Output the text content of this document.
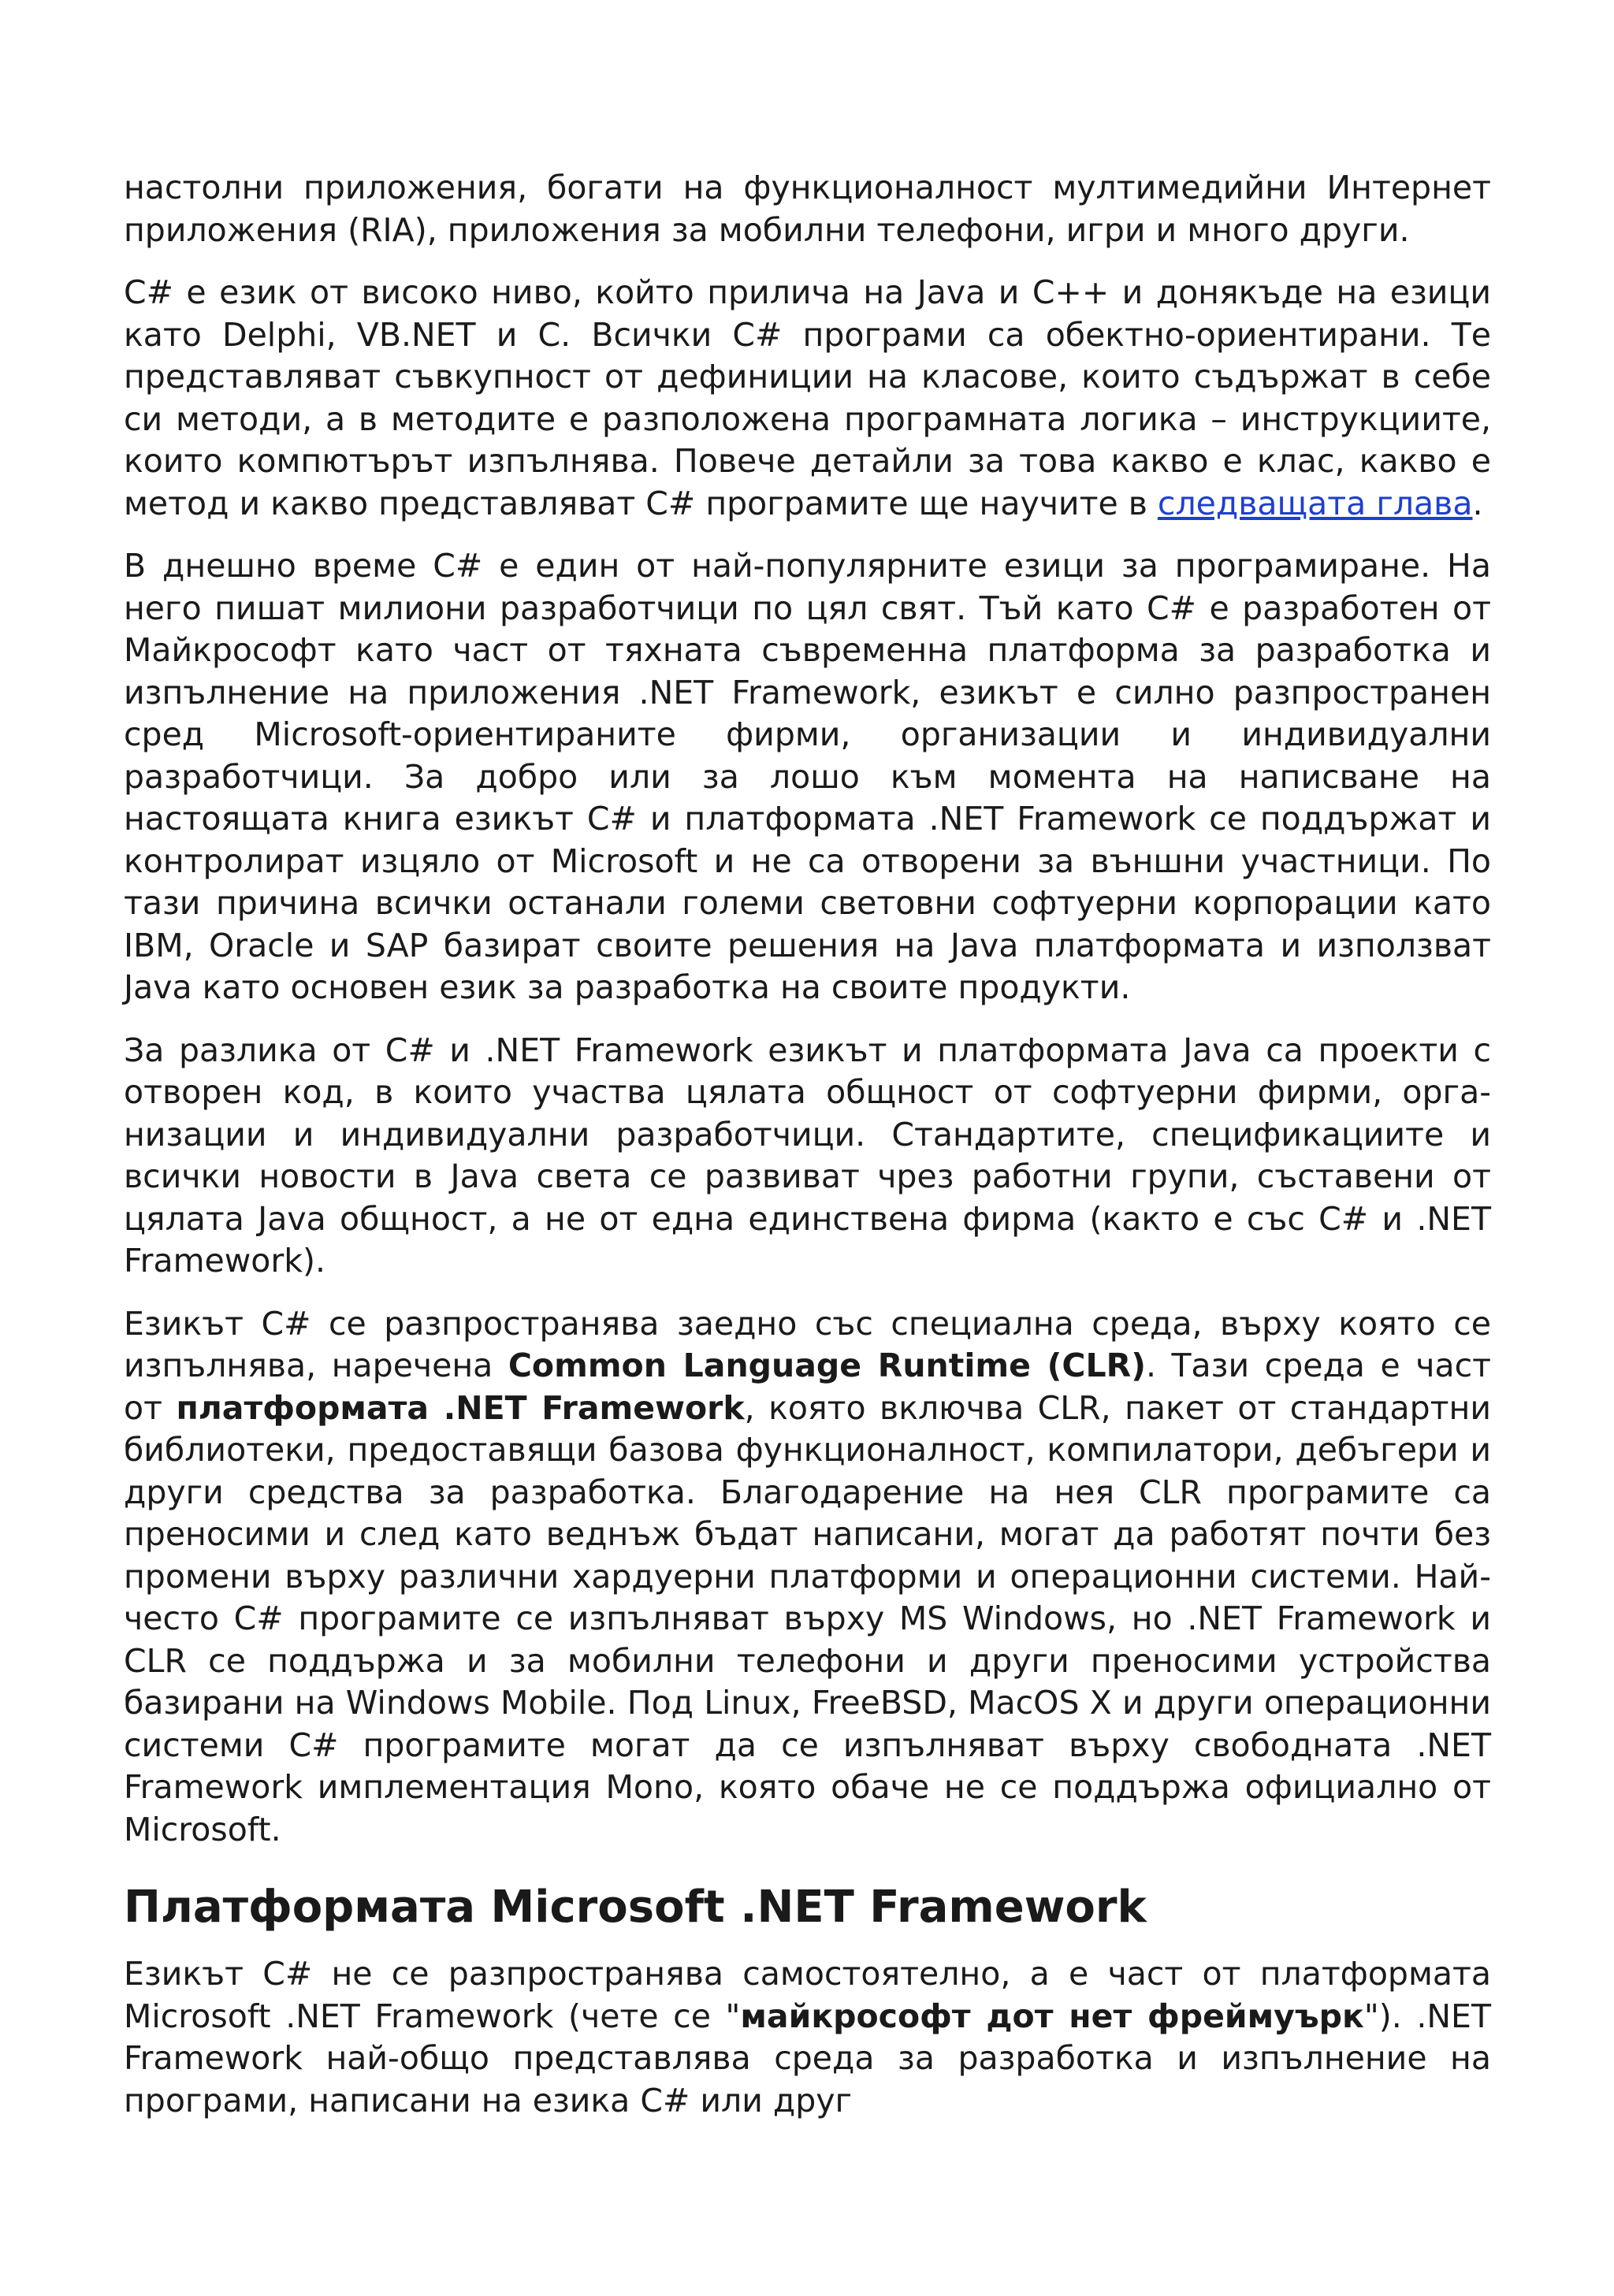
настолни приложения, богати на функционалност мултимедийни Интернет приложения (RIA), приложения за мобилни телефони, игри и много други.

C# е език от високо ниво, който прилича на Java и C++ и донякъде на езици като Delphi, VB.NET и C. Всички C# програми са обектно-ориентирани. Те представляват съвкупност от дефиниции на класове, които съдържат в себе си методи, а в методите е разположена програмната логика – инструкциите, които компютърът изпълнява. Повече детайли за това какво е клас, какво е метод и какво представляват C# програмите ще научите в следващата глава.

В днешно време C# е един от най-популярните езици за програмиране. На него пишат милиони разработчици по цял свят. Тъй като C# е разработен от Майкрософт като част от тяхната съвременна платформа за разработка и изпълнение на приложения .NET Framework, езикът е силно разпространен сред Microsoft-ориентираните фирми, организации и индивидуални разработчици. За добро или за лошо към момента на написване на настоящата книга езикът C# и платформата .NET Framework се поддържат и контролират изцяло от Microsoft и не са отворени за външни участници. По тази причина всички останали големи световни софтуерни корпорации като IBM, Oracle и SAP базират своите решения на Java платформата и използват Java като основен език за разработка на своите продукти.

За разлика от C# и .NET Framework езикът и платформата Java са проекти с отворен код, в които участва цялата общност от софтуерни фирми, организации и индивидуални разработчици. Стандартите, спецификациите и всички новости в Java света се развиват чрез работни групи, съставени от цялата Java общност, а не от една единствена фирма (както е със C# и .NET Framework).

Езикът C# се разпространява заедно със специална среда, върху която се изпълнява, наречена Common Language Runtime (CLR). Тази среда е част от платформата .NET Framework, която включва CLR, пакет от стандартни библиотеки, предоставящи базова функционалност, компилатори, дебъгери и други средства за разработка. Благодарение на нея CLR програмите са преносими и след като веднъж бъдат написани, могат да работят почти без промени върху различни хардуерни платформи и операционни системи. Най-често C# програмите се изпълняват върху MS Windows, но .NET Framework и CLR се поддържа и за мобилни телефони и други преносими устройства базирани на Windows Mobile. Под Linux, FreeBSD, MacOS X и други операционни системи C# програмите могат да се изпълняват върху свободната .NET Framework имплементация Mono, която обаче не се поддържа официално от Microsoft.

Платформата Microsoft .NET Framework

Езикът C# не се разпространява самостоятелно, а е част от платформата Microsoft .NET Framework (чете се "майкрософт дот нет фреймуърк"). .NET Framework най-общо представлява среда за разработка и изпълнение на програми, написани на езика C# или друг
